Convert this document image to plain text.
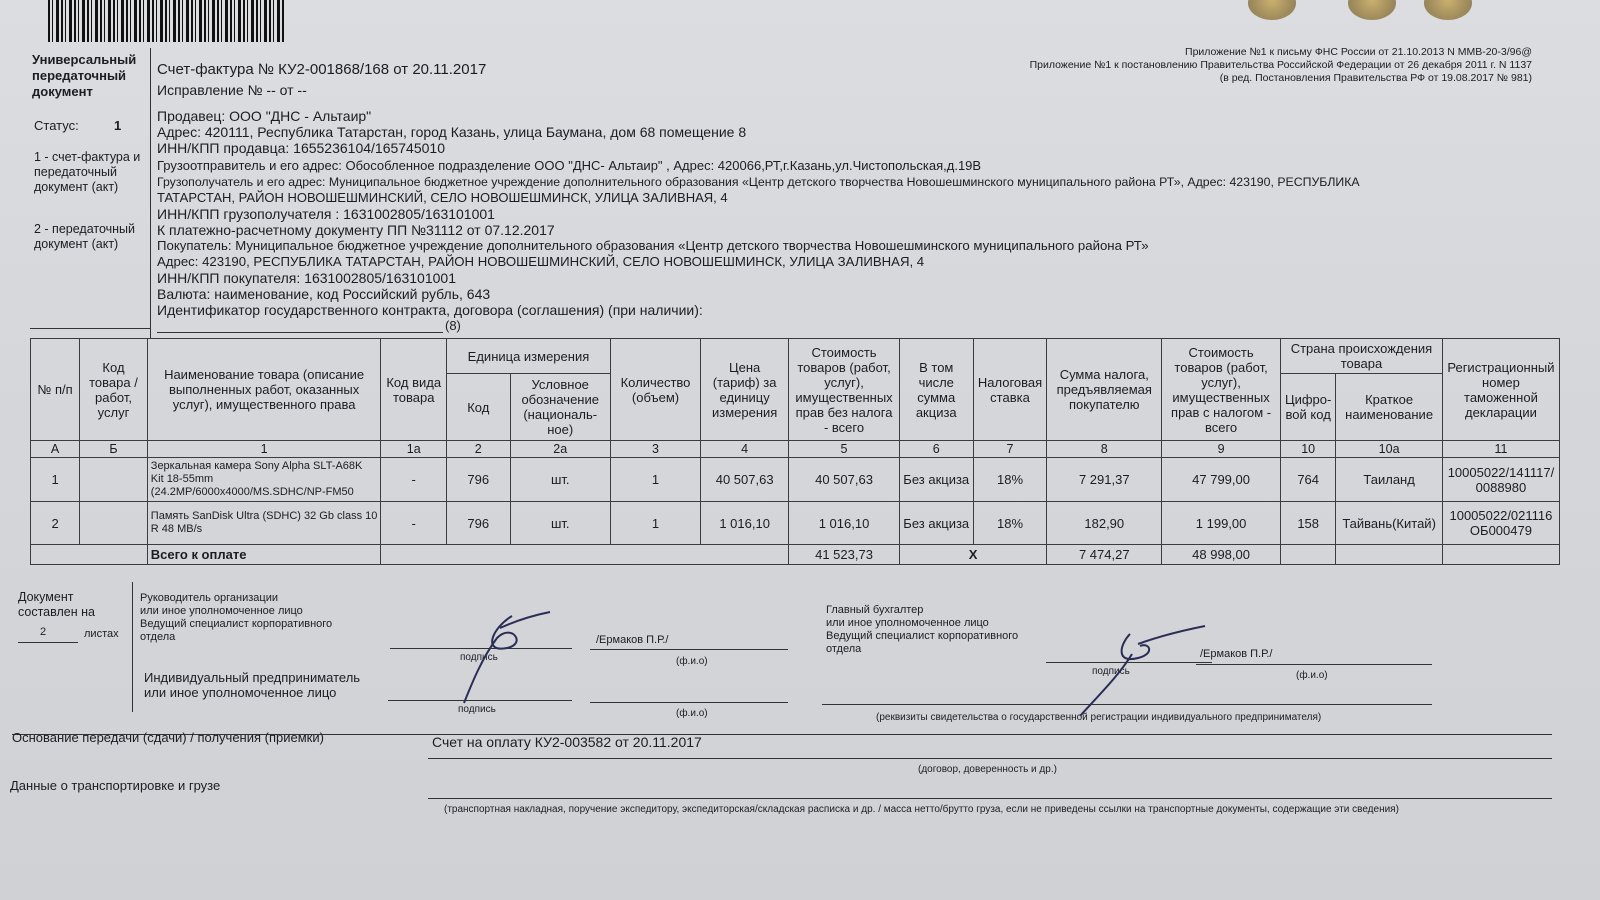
Универсальный передаточный документ
Статус:	1
1 - счет-фактура и передаточный документ (акт)
2 - передаточный документ (акт)
Приложение №1 к письму ФНС России от 21.10.2013 N ММВ-20-3/96@
Приложение №1 к постановлению Правительства Российской Федерации от 26 декабря 2011 г. N 1137
(в ред. Постановления Правительства РФ от 19.08.2017 № 981)
Счет-фактура № КУ2-001868/168 от 20.11.2017
Исправление № -- от --
Продавец: ООО "ДНС - Альтаир"
Адрес: 420111, Республика Татарстан, город Казань, улица Баумана, дом 68 помещение 8
ИНН/КПП продавца: 1655236104/165745010
Грузоотправитель и его адрес: Обособленное подразделение ООО "ДНС- Альтаир" , Адрес: 420066,РТ,г.Казань,ул.Чистопольская,д.19В
Грузополучатель и его адрес: Муниципальное бюджетное учреждение дополнительного образования «Центр детского творчества Новошешминского муниципального района РТ», Адрес: 423190, РЕСПУБЛИКА
ТАТАРСТАН, РАЙОН НОВОШЕШМИНСКИЙ, СЕЛО НОВОШЕШМИНСК, УЛИЦА ЗАЛИВНАЯ, 4
ИНН/КПП грузополучателя : 1631002805/163101001
К платежно-расчетному документу ПП №31112 от 07.12.2017
Покупатель: Муниципальное бюджетное учреждение дополнительного образования «Центр детского творчества Новошешминского муниципального района РТ»
Адрес: 423190, РЕСПУБЛИКА ТАТАРСТАН, РАЙОН НОВОШЕШМИНСКИЙ, СЕЛО НОВОШЕШМИНСК, УЛИЦА ЗАЛИВНАЯ, 4
ИНН/КПП покупателя: 1631002805/163101001
Валюта: наименование, код Российский рубль, 643
Идентификатор государственного контракта, договора (соглашения) (при наличии):
(8)
№ п/п	Код товара / работ, услуг	Наименование товара (описание выполненных работ, оказанных услуг), имущественного права	Код вида товара	Единица измерения		Количество (объем)	Цена (тариф) за единицу измерения	Стоимость товаров (работ, услуг), имущественных прав без налога - всего	В том числе сумма акциза	Налоговая ставка	Сумма налога, предъявляемая покупателю	Стоимость товаров (работ, услуг), имущественных прав с налогом - всего	Страна происхождения товара		Регистрационный номер таможенной декларации
				Код	Условное обозначение (националь- ное)								Цифро- вой код	Краткое наименование	
А	Б	1	1а	2	2а	3	4	5	6	7	8	9	10	10а	11
1		Зеркальная камера Sony Alpha SLT-A68K Kit 18-55mm (24.2MP/6000x4000/MS.SDHC/NP-FM50	-	796	шт.	1	40 507,63	40 507,63	Без акциза	18%	7 291,37	47 799,00	764	Таиланд	10005022/141117/0088980
2		Память SanDisk Ultra (SDHC) 32 Gb class 10 R 48 MB/s	-	796	шт.	1	1 016,10	1 016,10	Без акциза	18%	182,90	1 199,00	158	Тайвань(Китай)	10005022/021116ОБ000479
		Всего к оплате						41 523,73	Х		7 474,27	48 998,00			
Документ составлен на
2	листах
Руководитель организации
или иное уполномоченное лицо
Ведущий специалист корпоративного
отдела
подпись
/Ермаков П.Р./
(ф.и.о)
Главный бухгалтер
или иное уполномоченное лицо
Ведущий специалист корпоративного
отдела
подпись
/Ермаков П.Р./
(ф.и.о)
Индивидуальный предприниматель
или иное уполномоченное лицо
подпись	(ф.и.о)	(реквизиты свидетельства о государственной регистрации индивидуального предпринимателя)
Основание передачи (сдачи) / получения (приемки)	Счет на оплату КУ2-003582 от 20.11.2017
(договор, доверенность и др.)
Данные о транспортировке и грузе
(транспортная накладная, поручение экспедитору, экспедиторская/складская расписка и др. / масса нетто/брутто груза, если не приведены ссылки на транспортные документы, содержащие эти сведения)
